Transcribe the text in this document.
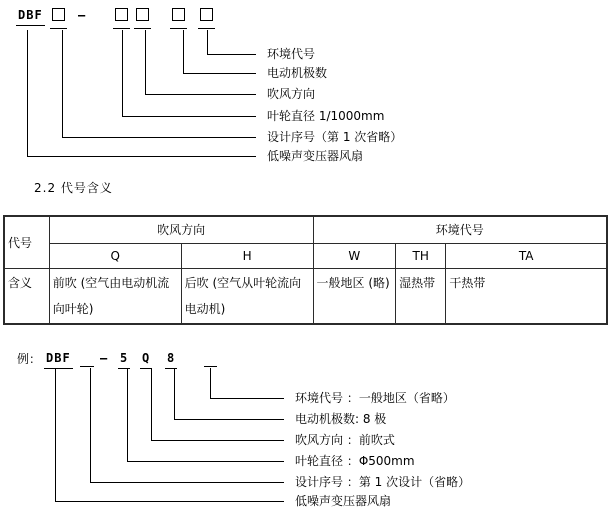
DBF	—
环境代号
电动机极数
吹风方向
叶轮直径 1/1000mm
设计序号（第 1 次省略）
低噪声变压器风扇
2.2 代号含义
代号	吹风方向		环境代号		
	Q	H	W	TH	TA
含义	前吹 (空气由电动机流向叶轮)	后吹 (空气从叶轮流向电动机)	一般地区 (略)	湿热带	干热带
例： DBF — 5 Q 8
环境代号 ：一般地区（省略）
电动机极数: 8 极
吹风方向 ：前吹式
叶轮直径 ：Φ500mm
设计序号 ：第 1 次设计（省略）
低噪声变压器风扇
